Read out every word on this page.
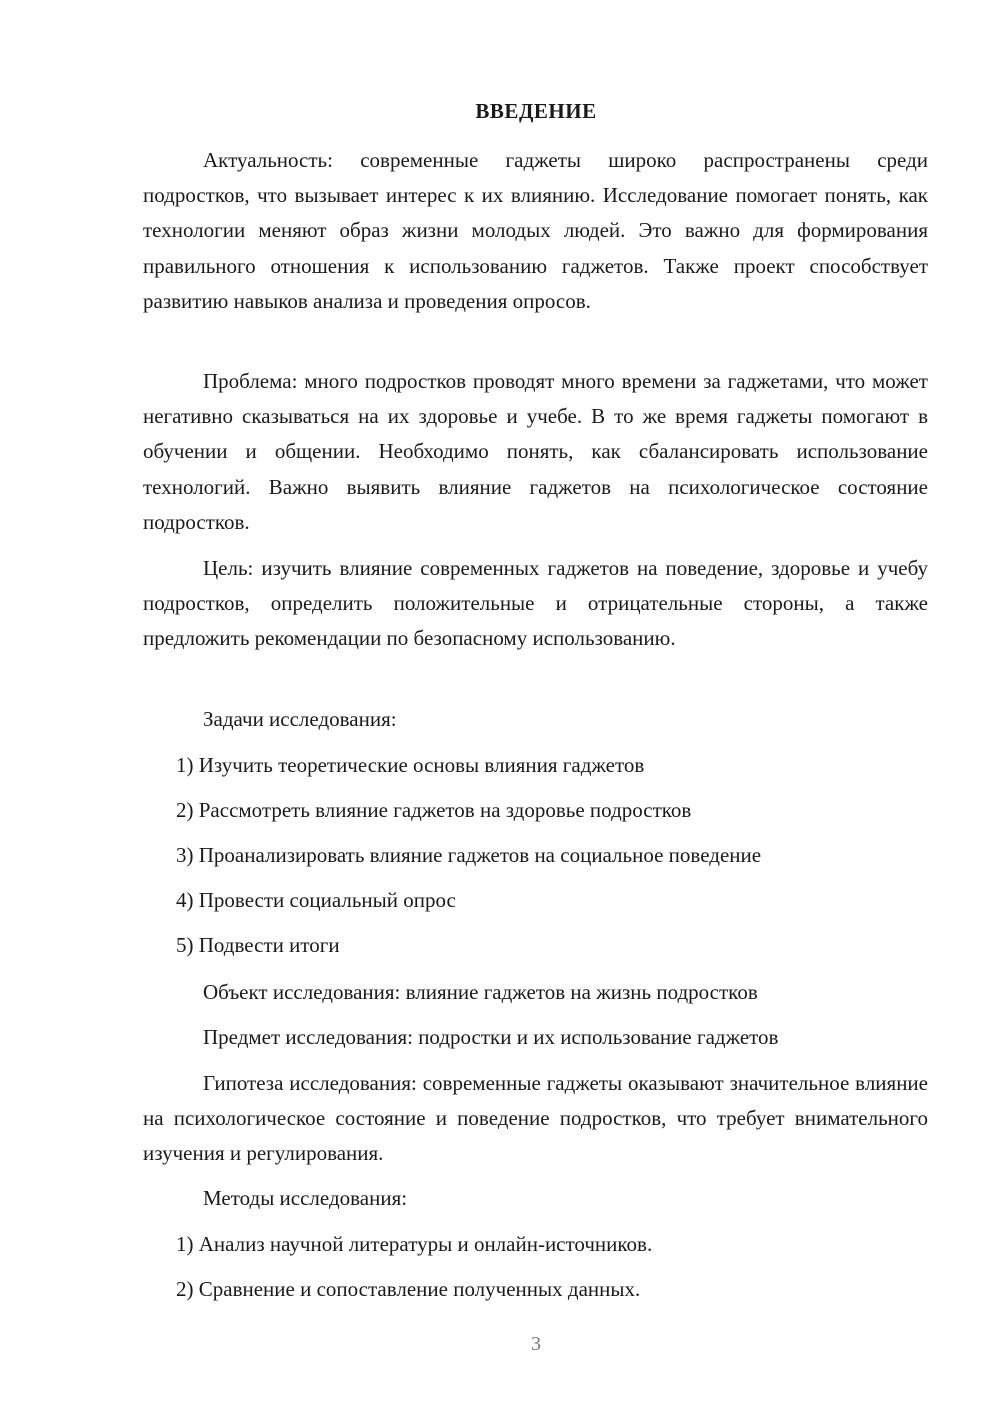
ВВЕДЕНИЕ

Актуальность: современные гаджеты широко распространены среди подростков, что вызывает интерес к их влиянию. Исследование помогает понять, как технологии меняют образ жизни молодых людей. Это важно для формирования правильного отношения к использованию гаджетов. Также проект способствует развитию навыков анализа и проведения опросов.

Проблема: много подростков проводят много времени за гаджетами, что может негативно сказываться на их здоровье и учебе. В то же время гаджеты помогают в обучении и общении. Необходимо понять, как сбалансировать использование технологий. Важно выявить влияние гаджетов на психологическое состояние подростков.

Цель: изучить влияние современных гаджетов на поведение, здоровье и учебу подростков, определить положительные и отрицательные стороны, а также предложить рекомендации по безопасному использованию.

Задачи исследования:

1) Изучить теоретические основы влияния гаджетов

2) Рассмотреть влияние гаджетов на здоровье подростков

3) Проанализировать влияние гаджетов на социальное поведение

4) Провести социальный опрос

5) Подвести итоги

Объект исследования: влияние гаджетов на жизнь подростков

Предмет исследования: подростки и их использование гаджетов

Гипотеза исследования: современные гаджеты оказывают значительное влияние на психологическое состояние и поведение подростков, что требует внимательного изучения и регулирования.

Методы исследования:

1) Анализ научной литературы и онлайн-источников.

2) Сравнение и сопоставление полученных данных.

3
